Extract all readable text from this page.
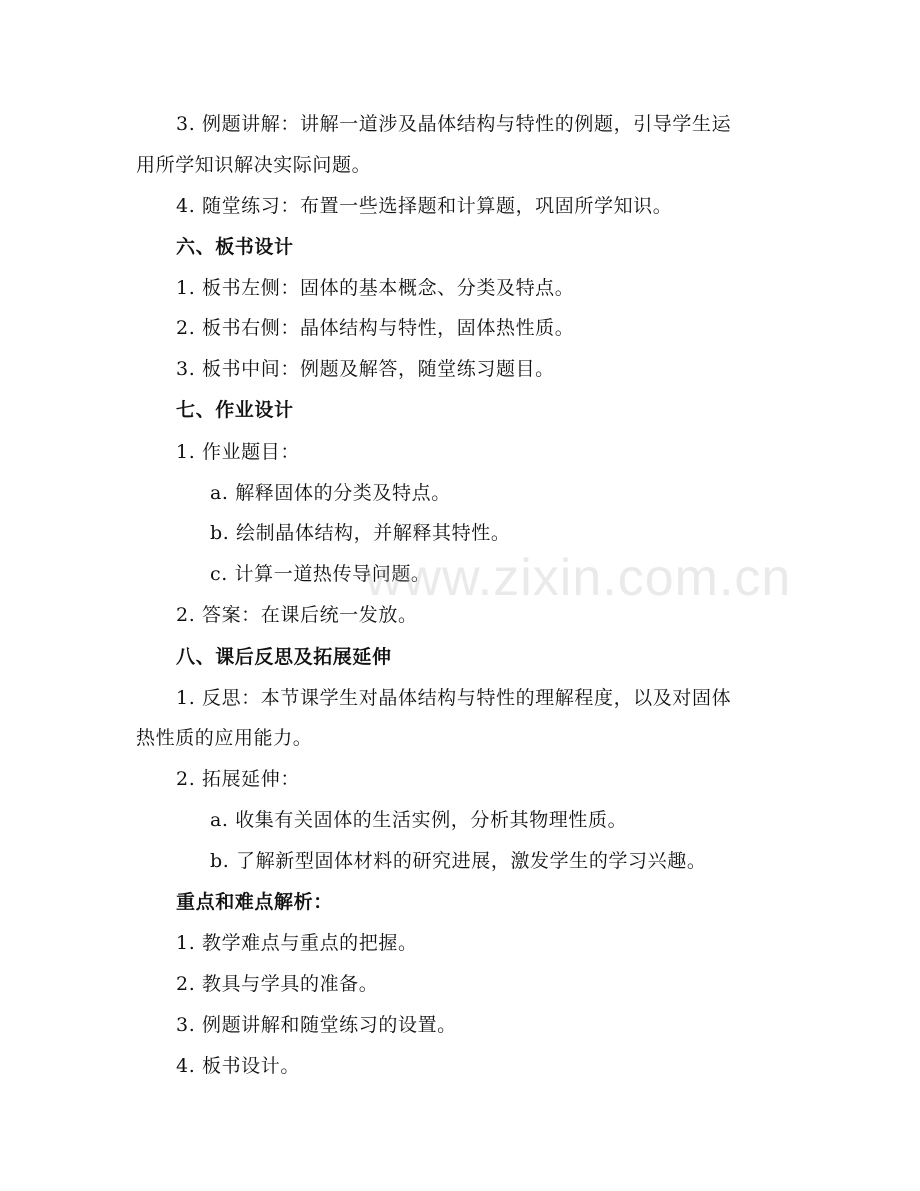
3. 例题讲解：讲解一道涉及晶体结构与特性的例题，引导学生运
用所学知识解决实际问题。
4. 随堂练习：布置一些选择题和计算题，巩固所学知识。
六、板书设计
1. 板书左侧：固体的基本概念、分类及特点。
2. 板书右侧：晶体结构与特性，固体热性质。
3. 板书中间：例题及解答，随堂练习题目。
七、作业设计
1. 作业题目：
a. 解释固体的分类及特点。
b. 绘制晶体结构，并解释其特性。
c. 计算一道热传导问题。
2. 答案：在课后统一发放。
八、课后反思及拓展延伸
1. 反思：本节课学生对晶体结构与特性的理解程度，以及对固体
热性质的应用能力。
2. 拓展延伸：
a. 收集有关固体的生活实例，分析其物理性质。
b. 了解新型固体材料的研究进展，激发学生的学习兴趣。
重点和难点解析：
1. 教学难点与重点的把握。
2. 教具与学具的准备。
3. 例题讲解和随堂练习的设置。
4. 板书设计。
www.zixin.com.cn
